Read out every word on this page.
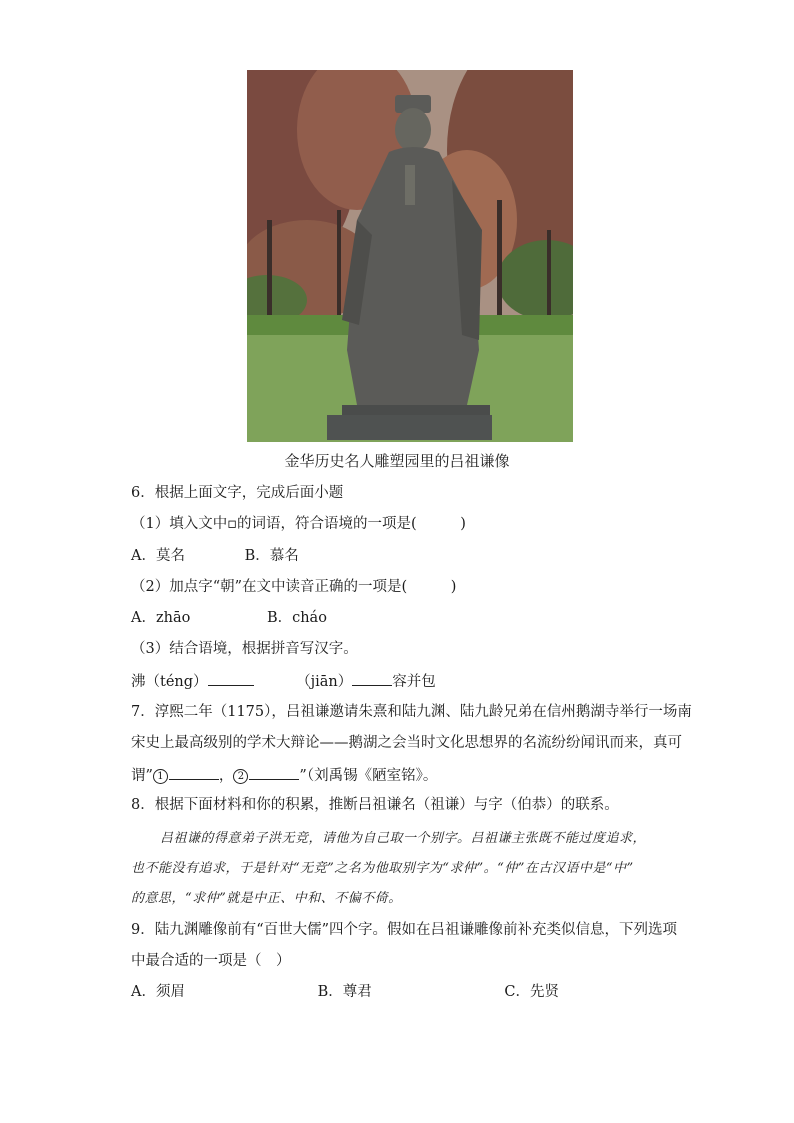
金华历史名人雕塑园里的吕祖谦像
6．根据上面文字，完成后面小题
（1）填入文中▫的词语，符合语境的一项是(　　　)
A．莫名	B．慕名
（2）加点字“朝”在文中读音正确的一项是(　　　)
A．zhāo	B．cháo
（3）结合语境，根据拼音写汉字。
沸（téng）	（jiān）	容并包
7．淳熙二年（1175），吕祖谦邀请朱熹和陆九渊、陆九龄兄弟在信州鹅湖寺举行一场南
宋史上最高级别的学术大辩论——鹅湖之会当时文化思想界的名流纷纷闻讯而来，真可
谓” 1	， 2	”（刘禹锡《陋室铭》。
8．根据下面材料和你的积累，推断吕祖谦名（祖谦）与字（伯恭）的联系。
吕祖谦的得意弟子洪无竞，请他为自己取一个别字。吕祖谦主张既不能过度追求，
也不能没有追求，于是针对“无竞”之名为他取别字为“求仲”。“仲”在古汉语中是“中”
的意思，“求仲”就是中正、中和、不偏不倚。
9．陆九渊雕像前有“百世大儒”四个字。假如在吕祖谦雕像前补充类似信息，下列选项
中最合适的一项是（　）
A．须眉	B．尊君	C．先贤
